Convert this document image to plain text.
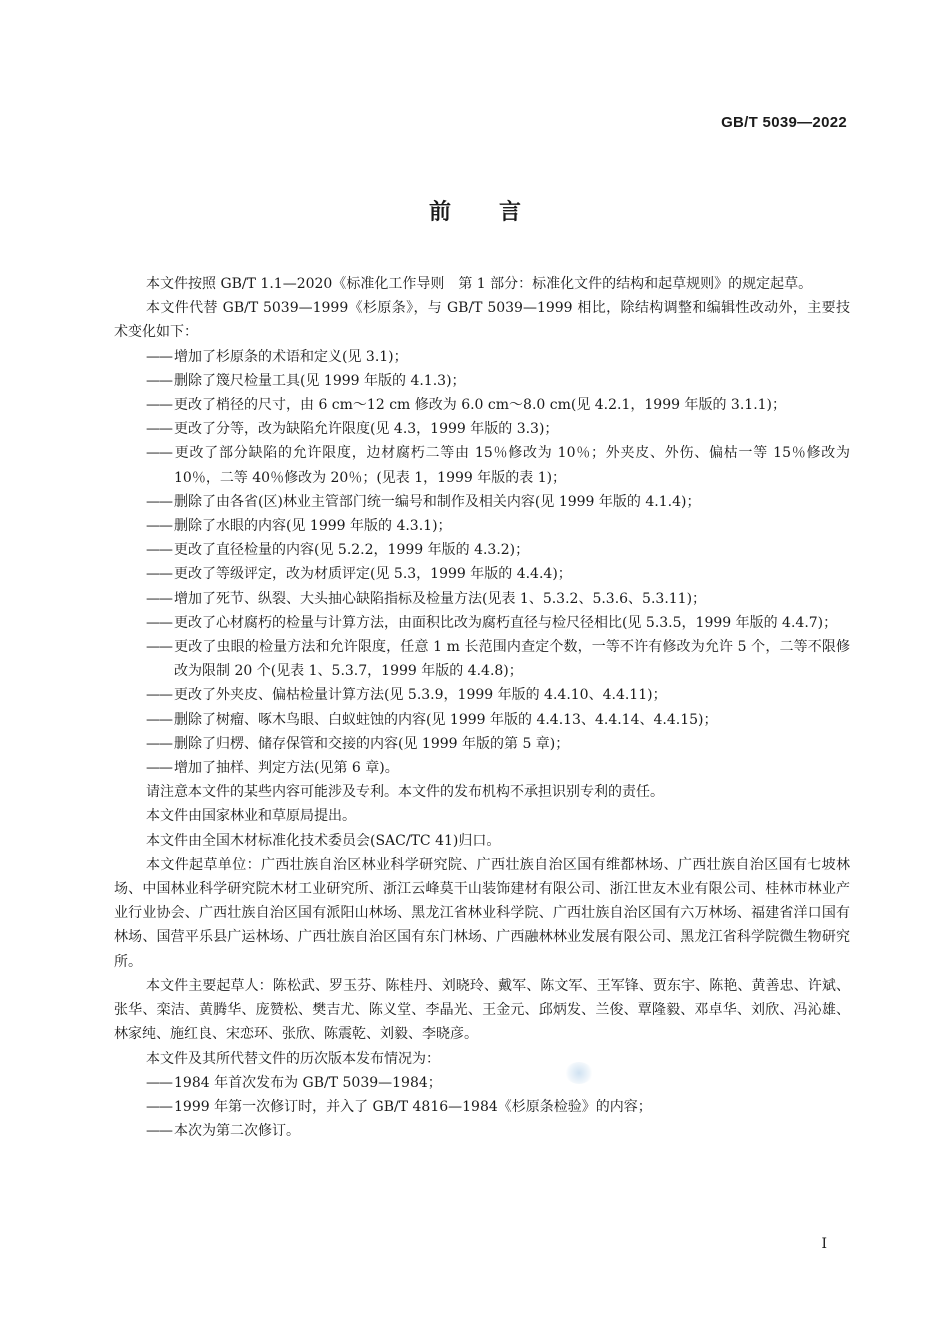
GB/T 5039—2022
前言

本文件按照 GB/T 1.1—2020《标准化工作导则　第 1 部分：标准化文件的结构和起草规则》的规定起草。

本文件代替 GB/T 5039—1999《杉原条》，与 GB/T 5039—1999 相比，除结构调整和编辑性改动外，主要技术变化如下：

—— 增加了杉原条的术语和定义(见 3.1)；

—— 删除了篾尺检量工具(见 1999 年版的 4.1.3)；

—— 更改了梢径的尺寸，由 6 cm～12 cm 修改为 6.0 cm～8.0 cm(见 4.2.1，1999 年版的 3.1.1)；

—— 更改了分等，改为缺陷允许限度(见 4.3，1999 年版的 3.3)；

—— 更改了部分缺陷的允许限度，边材腐朽二等由 15％修改为 10％；外夹皮、外伤、偏枯一等 15％修改为 10％，二等 40％修改为 20％；(见表 1，1999 年版的表 1)；

—— 删除了由各省(区)林业主管部门统一编号和制作及相关内容(见 1999 年版的 4.1.4)；

—— 删除了水眼的内容(见 1999 年版的 4.3.1)；

—— 更改了直径检量的内容(见 5.2.2，1999 年版的 4.3.2)；

—— 更改了等级评定，改为材质评定(见 5.3，1999 年版的 4.4.4)；

—— 增加了死节、纵裂、大头抽心缺陷指标及检量方法(见表 1、5.3.2、5.3.6、5.3.11)；

—— 更改了心材腐朽的检量与计算方法，由面积比改为腐朽直径与检尺径相比(见 5.3.5，1999 年版的 4.4.7)；

—— 更改了虫眼的检量方法和允许限度，任意 1 m 长范围内查定个数，一等不许有修改为允许 5 个，二等不限修改为限制 20 个(见表 1、5.3.7，1999 年版的 4.4.8)；

—— 更改了外夹皮、偏枯检量计算方法(见 5.3.9，1999 年版的 4.4.10、4.4.11)；

—— 删除了树瘤、啄木鸟眼、白蚁蛀蚀的内容(见 1999 年版的 4.4.13、4.4.14、4.4.15)；

—— 删除了归楞、储存保管和交接的内容(见 1999 年版的第 5 章)；

—— 增加了抽样、判定方法(见第 6 章)。

请注意本文件的某些内容可能涉及专利。本文件的发布机构不承担识别专利的责任。

本文件由国家林业和草原局提出。

本文件由全国木材标准化技术委员会(SAC/TC 41)归口。

本文件起草单位：广西壮族自治区林业科学研究院、广西壮族自治区国有维都林场、广西壮族自治区国有七坡林场、中国林业科学研究院木材工业研究所、浙江云峰莫干山装饰建材有限公司、浙江世友木业有限公司、桂林市林业产业行业协会、广西壮族自治区国有派阳山林场、黑龙江省林业科学院、广西壮族自治区国有六万林场、福建省洋口国有林场、国营平乐县广运林场、广西壮族自治区国有东门林场、广西融林林业发展有限公司、黑龙江省科学院微生物研究所。

本文件主要起草人：陈松武、罗玉芬、陈桂丹、刘晓玲、戴军、陈文军、王军锋、贾东宇、陈艳、黄善忠、许斌、张华、栾洁、黄腾华、庞赞松、樊吉尤、陈义堂、李晶光、王金元、邱炳发、兰俊、覃隆毅、邓卓华、刘欣、冯沁雄、林家纯、施红良、宋恋环、张欣、陈震乾、刘毅、李晓彦。

本文件及其所代替文件的历次版本发布情况为：

—— 1984 年首次发布为 GB/T 5039—1984；

—— 1999 年第一次修订时，并入了 GB/T 4816—1984《杉原条检验》的内容；

—— 本次为第二次修订。

I
